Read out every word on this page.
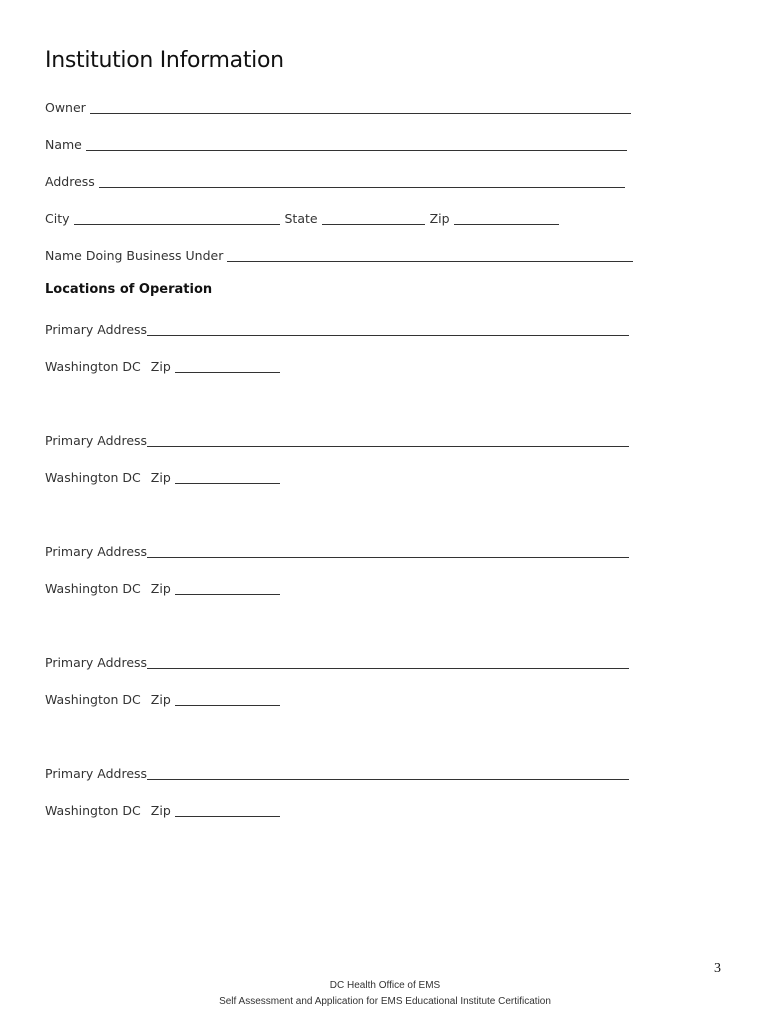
Institution Information
Owner
Name
Address
City	State	Zip
Name Doing Business Under
Locations of Operation
Primary Address
Washington DC Zip
Primary Address
Washington DC Zip
Primary Address
Washington DC Zip
Primary Address
Washington DC Zip
Primary Address
Washington DC Zip
3
DC Health Office of EMS
Self Assessment and Application for EMS Educational Institute Certification
